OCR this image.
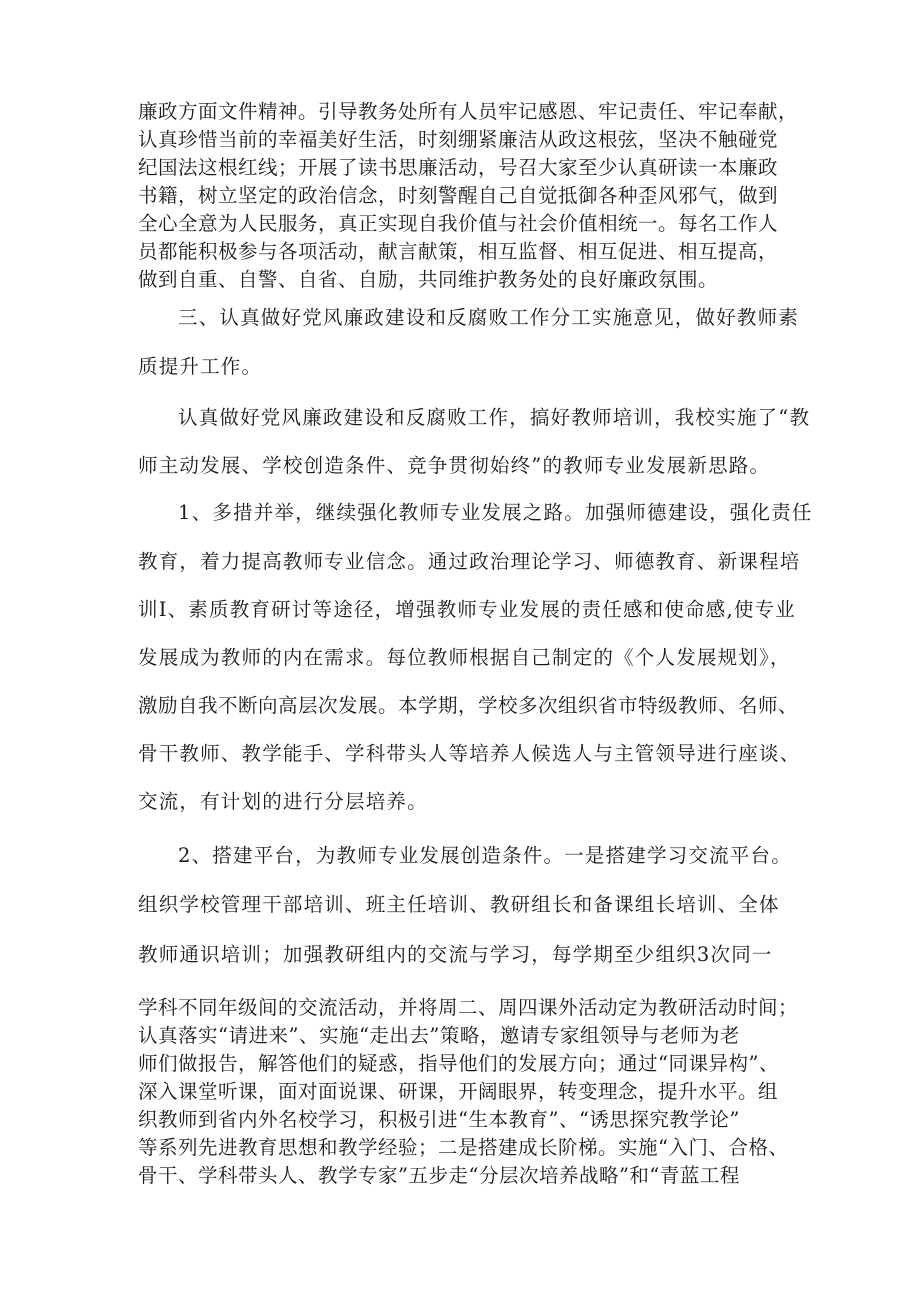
廉政方面文件精神。引导教务处所有人员牢记感恩、牢记责任、牢记奉献，
认真珍惜当前的幸福美好生活，时刻绷紧廉洁从政这根弦，坚决不触碰党
纪国法这根红线；开展了读书思廉活动，号召大家至少认真研读一本廉政
书籍，树立坚定的政治信念，时刻警醒自己自觉抵御各种歪风邪气，做到
全心全意为人民服务，真正实现自我价值与社会价值相统一。每名工作人
员都能积极参与各项活动，献言献策，相互监督、相互促进、相互提高，
做到自重、自警、自省、自励，共同维护教务处的良好廉政氛围。
三、认真做好党风廉政建设和反腐败工作分工实施意见，做好教师素
质提升工作。
认真做好党风廉政建设和反腐败工作，搞好教师培训，我校实施了“教
师主动发展、学校创造条件、竞争贯彻始终”的教师专业发展新思路。
1、多措并举，继续强化教师专业发展之路。加强师德建设，强化责任
教育，着力提高教师专业信念。通过政治理论学习、师德教育、新课程培
训I、素质教育研讨等途径，增强教师专业发展的责任感和使命感,使专业
发展成为教师的内在需求。每位教师根据自己制定的《个人发展规划》，
激励自我不断向高层次发展。本学期，学校多次组织省市特级教师、名师、
骨干教师、教学能手、学科带头人等培养人候选人与主管领导进行座谈、
交流，有计划的进行分层培养。
2、搭建平台，为教师专业发展创造条件。一是搭建学习交流平台。
组织学校管理干部培训、班主任培训、教研组长和备课组长培训、全体
教师通识培训；加强教研组内的交流与学习，每学期至少组织3次同一
学科不同年级间的交流活动，并将周二、周四课外活动定为教研活动时间；
认真落实“请进来”、实施“走出去”策略，邀请专家组领导与老师为老
师们做报告，解答他们的疑惑，指导他们的发展方向；通过“同课异构”、
深入课堂听课，面对面说课、研课，开阔眼界，转变理念，提升水平。组
织教师到省内外名校学习，积极引进“生本教育”、“诱思探究教学论”
等系列先进教育思想和教学经验；二是搭建成长阶梯。实施“入门、合格、
骨干、学科带头人、教学专家”五步走“分层次培养战略”和“青蓝工程
